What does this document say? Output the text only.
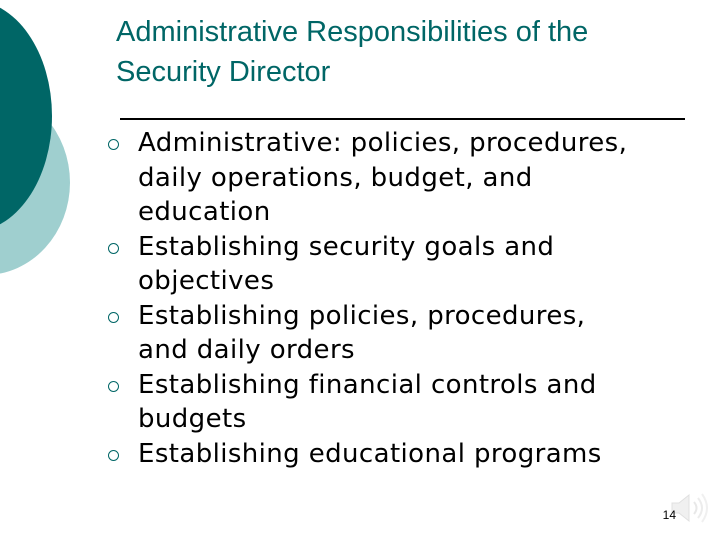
Administrative Responsibilities of the
Security Director
Administrative: policies, procedures,
daily operations, budget, and
education
Establishing security goals and
objectives
Establishing policies, procedures,
and daily orders
Establishing financial controls and
budgets
Establishing educational programs
14
